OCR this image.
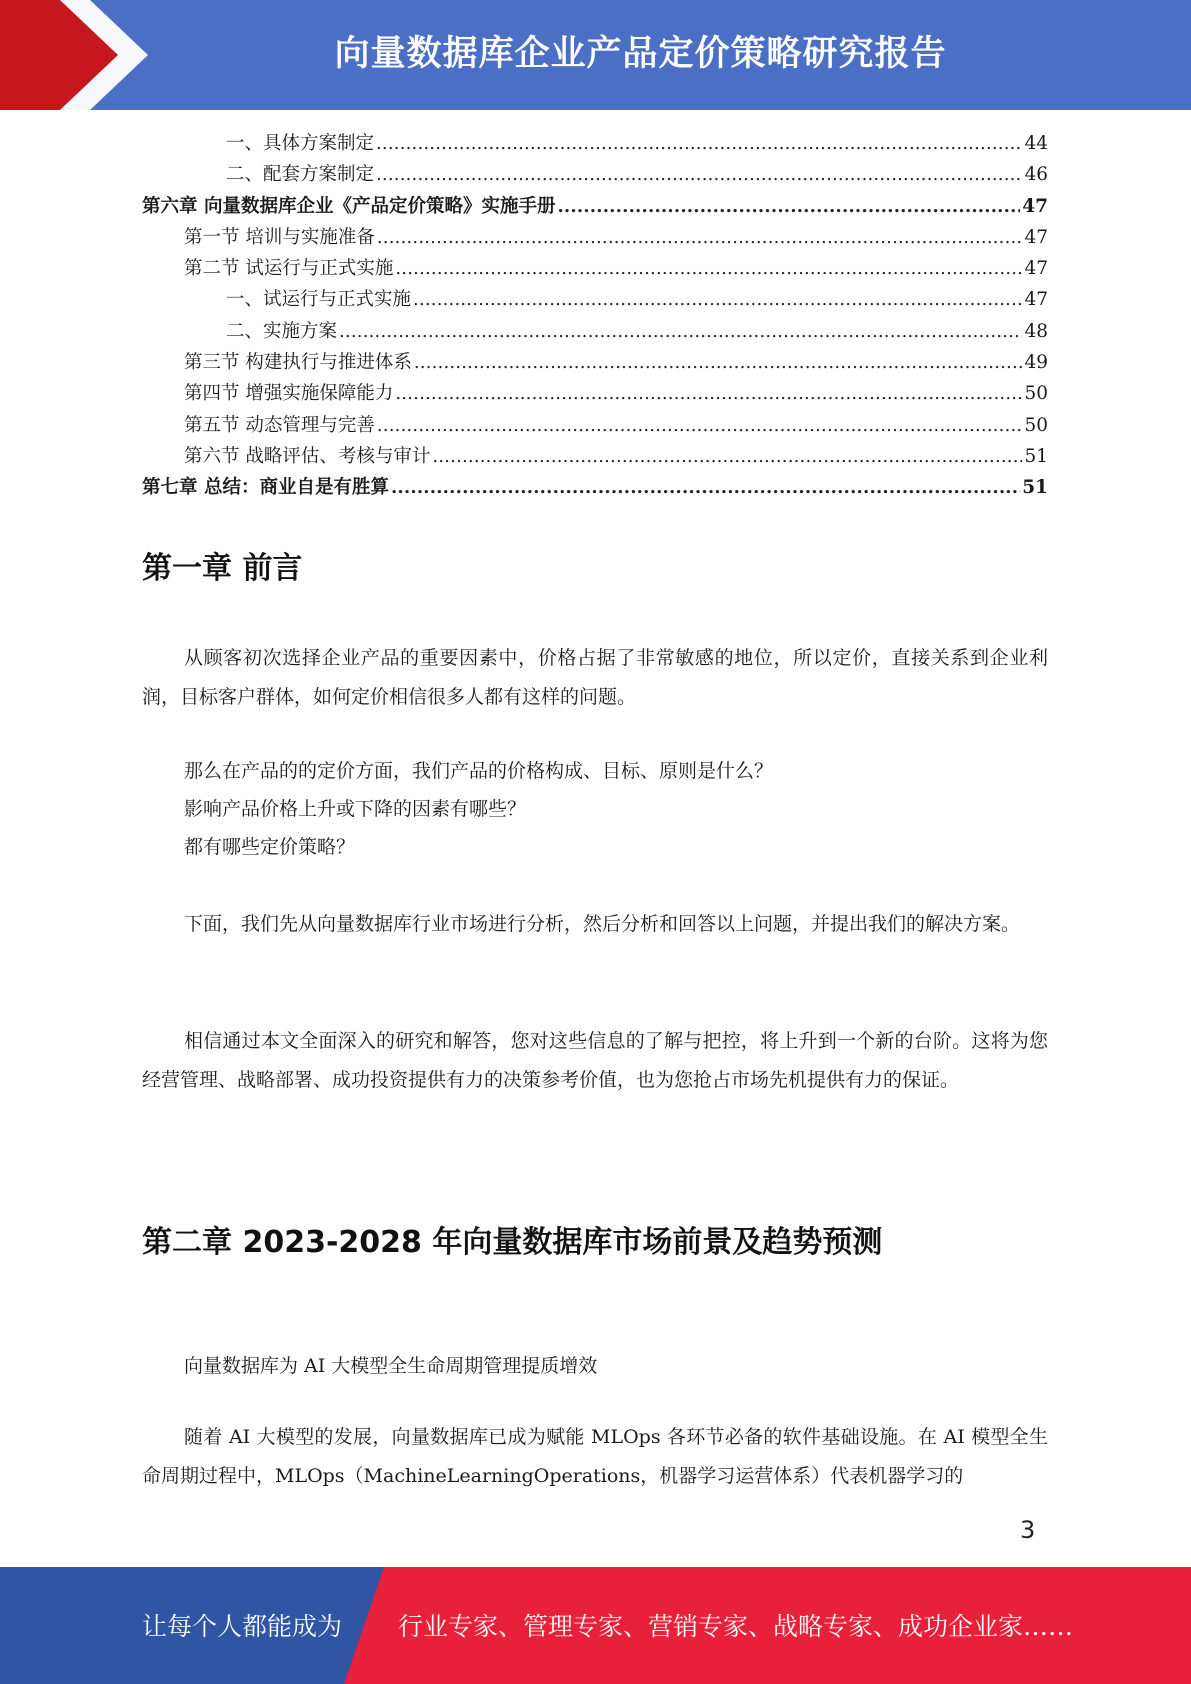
向量数据库企业产品定价策略研究报告
一、具体方案制定 .....	44
二、配套方案制定 .....	46
第六章 向量数据库企业《产品定价策略》实施手册 .....	47
第一节 培训与实施准备 .....	47
第二节 试运行与正式实施 .....	47
一、试运行与正式实施 .....	47
二、实施方案 .....	48
第三节 构建执行与推进体系 .....	49
第四节 增强实施保障能力 .....	50
第五节 动态管理与完善 .....	50
第六节 战略评估、考核与审计 .....	51
第七章 总结：商业自是有胜算 .....	51
第一章 前言
从顾客初次选择企业产品的重要因素中，价格占据了非常敏感的地位，所以定价，直接关系到企业利润，目标客户群体，如何定价相信很多人都有这样的问题。
那么在产品的的定价方面，我们产品的价格构成、目标、原则是什么？
影响产品价格上升或下降的因素有哪些？
都有哪些定价策略？
下面，我们先从向量数据库行业市场进行分析，然后分析和回答以上问题，并提出我们的解决方案。
相信通过本文全面深入的研究和解答，您对这些信息的了解与把控，将上升到一个新的台阶。这将为您经营管理、战略部署、成功投资提供有力的决策参考价值，也为您抢占市场先机提供有力的保证。
第二章 2023-2028 年向量数据库市场前景及趋势预测
向量数据库为 AI 大模型全生命周期管理提质增效
随着 AI 大模型的发展，向量数据库已成为赋能 MLOps 各环节必备的软件基础设施。在 AI 模型全生命周期过程中，MLOps（MachineLearningOperations，机器学习运营体系）代表机器学习的
3
让每个人都能成为 行业专家、管理专家、营销专家、战略专家、成功企业家……
